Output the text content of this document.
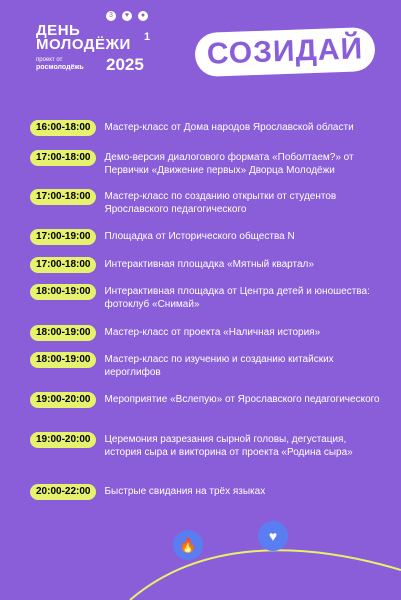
3	♥	●
ДЕНЬ
МОЛОДЁЖИ 1
проект от
росмолодёжь 2025 СОЗИДАЙ
16:00-18:00	Мастер-класс от Дома народов Ярославской области
17:00-18:00	Демо-версия диалогового формата «Поболтаем?» от Первички «Движение первых» Дворца Молодёжи
17:00-18:00	Мастер-класс по созданию открытки от студентов Ярославского педагогического
17:00-19:00	Площадка от Исторического общества N
17:00-18:00	Интерактивная площадка «Мятный квартал»
18:00-19:00	Интерактивная площадка от Центра детей и юношества: фотоклуб «Снимай»
18:00-19:00	Мастер-класс от проекта «Наличная история»
18:00-19:00	Мастер-класс по изучению и созданию китайских иероглифов
19:00-20:00	Мероприятие «Вслепую» от Ярославского педагогического
19:00-20:00	Церемония разрезания сырной головы, дегустация, история сыра и викторина от проекта «Родина сыра»
20:00-22:00	Быстрые свидания на трёх языках
🔥
♥
